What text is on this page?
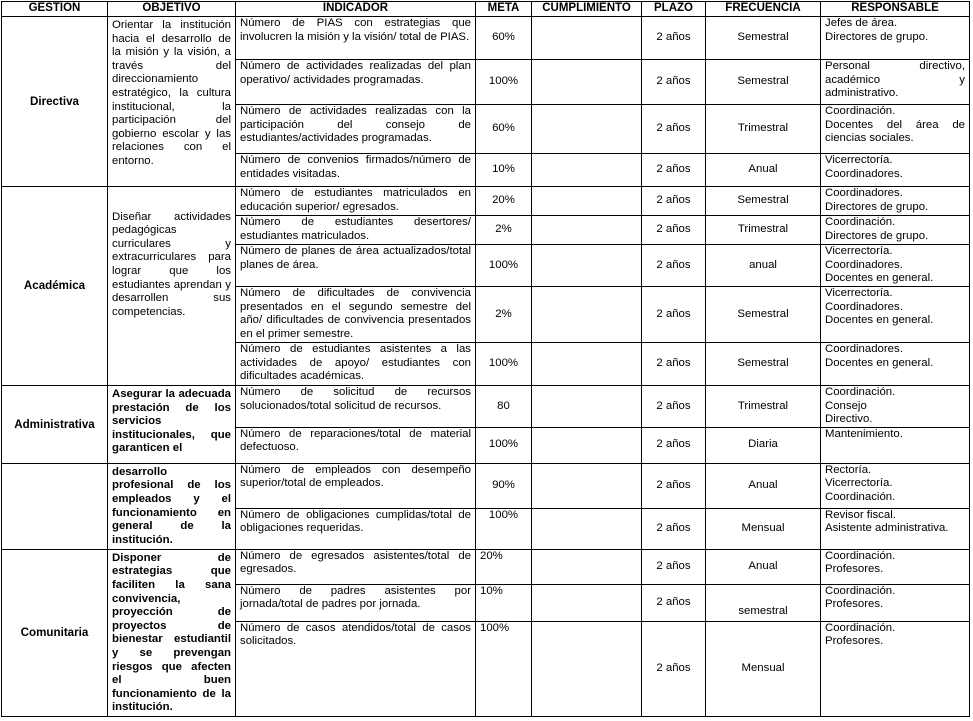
GESTION	OBJETIVO	INDICADOR	META	CUMPLIMIENTO	PLAZO	FRECUENCIA	RESPONSABLE
Directiva	Orientar la institución hacia el desarrollo de la misión y la visión, a través del direccionamiento estratégico, la cultura institucional, la participación del gobierno escolar y las relaciones con el entorno.	Número de PIAS con estrategias que involucren la misión y la visión/ total de PIAS.	60%		2 años	Semestral	Jefes de área.
Directores de grupo.

		Número de actividades realizadas del plan operativo/ actividades programadas.	100%		2 años	Semestral	Personal directivo, académico y administrativo.
		Número de actividades realizadas con la participación del consejo de estudiantes/actividades programadas.	60%		2 años	Trimestral	Coordinación.
Docentes del área de ciencias sociales.

		Número de convenios firmados/número de entidades visitadas.	10%		2 años	Anual	Vicerrectoría.
Coordinadores.

Académica	Diseñar actividades pedagógicas curriculares y extracurriculares para lograr que los estudiantes aprendan y desarrollen sus competencias.	Número de estudiantes matriculados en educación superior/ egresados.	20%		2 años	Semestral	Coordinadores.
Directores de grupo.

		Número de estudiantes desertores/ estudiantes matriculados.	2%		2 años	Trimestral	Coordinación.
Directores de grupo.

		Número de planes de área actualizados/total planes de área.	100%		2 años	anual	Vicerrectoría.
Coordinadores.
Docentes en general.

		Número de dificultades de convivencia presentados en el segundo semestre del año/ dificultades de convivencia presentados en el primer semestre.	2%		2 años	Semestral	Vicerrectoría.
Coordinadores.
Docentes en general.

		Número de estudiantes asistentes a las actividades de apoyo/ estudiantes con dificultades académicas.	100%		2 años	Semestral	Coordinadores.
Docentes en general.

Administrativa	Asegurar la adecuada prestación de los servicios institucionales, que garanticen el	Número de solicitud de recursos solucionados/total solicitud de recursos.	80		2 años	Trimestral	Coordinación.
Consejo
Directivo.

		Número de reparaciones/total de material defectuoso.	100%		2 años	Diaria	Mantenimiento.
	desarrollo profesional de los empleados y el funcionamiento en general de la institución.	Número de empleados con desempeño superior/total de empleados.	90%		2 años	Anual	Rectoría.
Vicerrectoría.
Coordinación.

		Número de obligaciones cumplidas/total de obligaciones requeridas.	100%		2 años	Mensual	Revisor fiscal.
Asistente administrativa.

Comunitaria	Disponer de estrategias que faciliten la sana convivencia, proyección de proyectos de bienestar estudiantil y se prevengan riesgos que afecten el buen funcionamiento de la institución.	Número de egresados asistentes/total de egresados.	20%		2 años	Anual	Coordinación.
Profesores.

		Número de padres asistentes por jornada/total de padres por jornada.	10%		2 años	semestral	Coordinación.
Profesores.

		Número de casos atendidos/total de casos solicitados.	100%		2 años	Mensual	Coordinación.
Profesores.
